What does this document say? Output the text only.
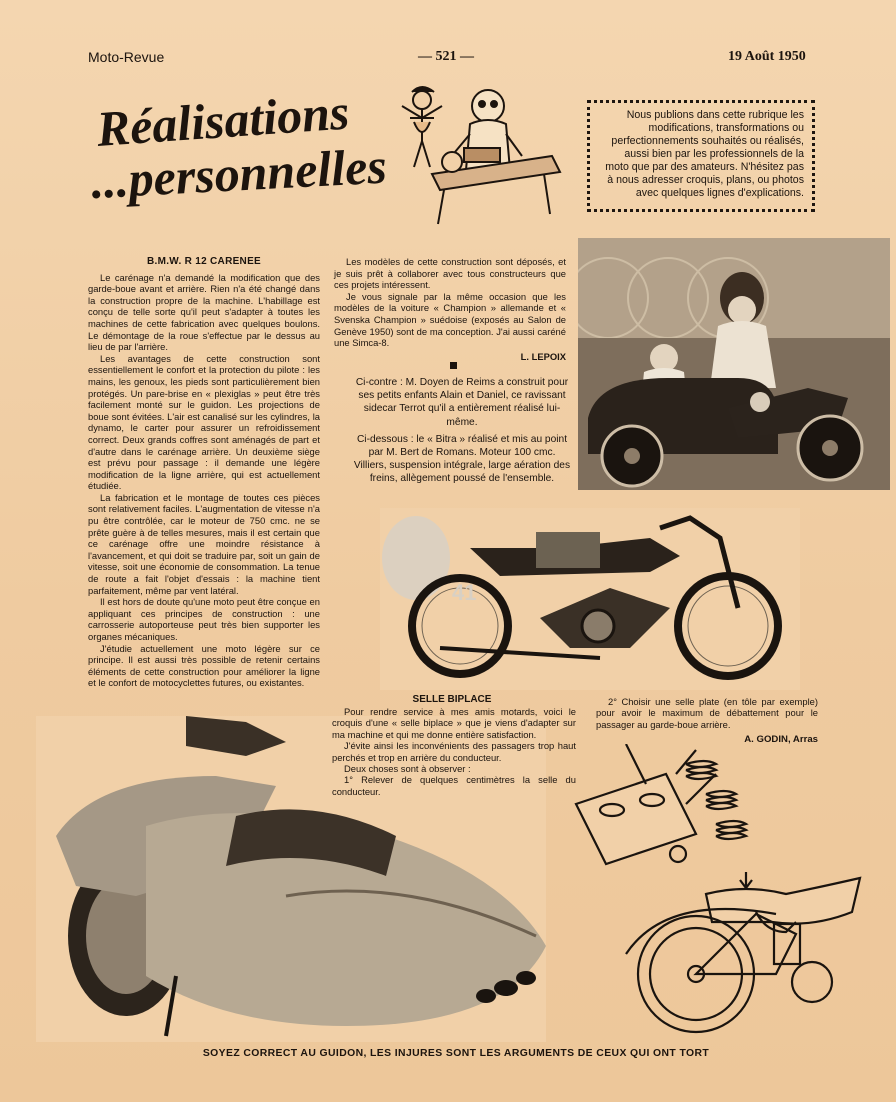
Moto-Revue	— 521 —	19 Août 1950
Réalisations
...personnelles
Nous publions dans cette rubrique les modifications, transformations ou perfectionnements souhaités ou réalisés, aussi bien par les professionnels de la moto que par des amateurs. N'hésitez pas à nous adresser croquis, plans, ou photos avec quelques lignes d'explications.
B.M.W. R 12 CARENEE

Le carénage n'a demandé la modification que des garde-boue avant et arrière. Rien n'a été changé dans la construction propre de la machine. L'habillage est conçu de telle sorte qu'il peut s'adapter à toutes les machines de cette fabrication avec quelques boulons. Le démontage de la roue s'effectue par le dessus au lieu de par l'arrière.

Les avantages de cette construction sont essentiellement le confort et la protection du pilote : les mains, les genoux, les pieds sont particulièrement bien protégés. Un pare-brise en « plexiglas » peut être très facilement monté sur le guidon. Les projections de boue sont évitées. L'air est canalisé sur les cylindres, la dynamo, le carter pour assurer un refroidissement correct. Deux grands coffres sont aménagés de part et d'autre dans le carénage arrière. Un deuxième siège est prévu pour passage : il demande une légère modification de la ligne arrière, qui est actuellement étudiée.

La fabrication et le montage de toutes ces pièces sont relativement faciles. L'augmentation de vitesse n'a pu être contrôlée, car le moteur de 750 cmc. ne se prête guère à de telles mesures, mais il est certain que ce carénage offre une moindre résistance à l'avancement, et qui doit se traduire par, soit un gain de vitesse, soit une économie de consommation. La tenue de route a fait l'objet d'essais : la machine tient parfaitement, même par vent latéral.

Il est hors de doute qu'une moto peut être conçue en appliquant ces principes de construction : une carrosserie autoporteuse peut très bien supporter les organes mécaniques.

J'étudie actuellement une moto légère sur ce principe. Il est aussi très possible de retenir certains éléments de cette construction pour améliorer la ligne et le confort de motocyclettes futures, ou existantes.

Les modèles de cette construction sont déposés, et je suis prêt à collaborer avec tous constructeurs que ces projets intéressent.

Je vous signale par la même occasion que les modèles de la voiture « Champion » allemande et « Svenska Champion » suédoise (exposés au Salon de Genève 1950) sont de ma conception. J'ai aussi caréné une Simca-8.

L. LEPOIX

Ci-contre : M. Doyen de Reims a construit pour ses petits enfants Alain et Daniel, ce ravissant sidecar Terrot qu'il a entièrement réalisé lui-même.

Ci-dessous : le « Bitra » réalisé et mis au point par M. Bert de Romans. Moteur 100 cmc. Villiers, suspension intégrale, large aération des freins, allègement poussé de l'ensemble.

41
SELLE BIPLACE

Pour rendre service à mes amis motards, voici le croquis d'une « selle biplace » que je viens d'adapter sur ma machine et qui me donne entière satisfaction.

J'évite ainsi les inconvénients des passagers trop haut perchés et trop en arrière du conducteur.

Deux choses sont à observer :

1° Relever de quelques centimètres la selle du conducteur.

2° Choisir une selle plate (en tôle par exemple) pour avoir le maximum de débattement pour le passager au garde-boue arrière.

A. GODIN, Arras
SOYEZ CORRECT AU GUIDON, LES INJURES SONT LES ARGUMENTS DE CEUX QUI ONT TORT
